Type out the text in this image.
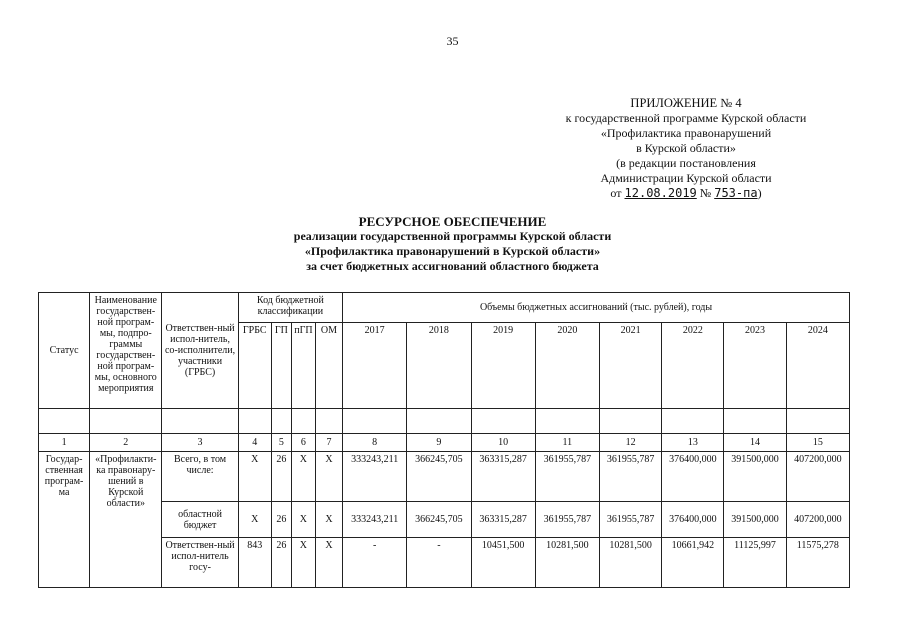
35
ПРИЛОЖЕНИЕ № 4
к государственной программе Курской области
«Профилактика правонарушений
в Курской области»
(в редакции постановления
Администрации Курской области
от 12.08.2019 № 753-па)
РЕСУРСНОЕ ОБЕСПЕЧЕНИЕ
реализации государственной программы Курской области
«Профилактика правонарушений в Курской области»
за счет бюджетных ассигнований областного бюджета
Статус	Наименование государствен-ной програм-мы, подпро-граммы государствен-ной програм-мы, основного мероприятия	Ответствен-ный испол-нитель, со-исполнители, участники (ГРБС)	Код бюджетной классификации				Объемы бюджетных ассигнований (тыс. рублей), годы							
			ГРБС	ГП	пГП	ОМ	2017	2018	2019	2020	2021	2022	2023	2024

1	2	3	4	5	6	7	8	9	10	11	12	13	14	15
Государ-ственная програм-ма	«Профилакти-ка правонару-шений в Курской области»	Всего, в том числе:	Х	26	Х	Х	333243,211	366245,705	363315,287	361955,787	361955,787	376400,000	391500,000	407200,000
		областной бюджет	Х	26	Х	Х	333243,211	366245,705	363315,287	361955,787	361955,787	376400,000	391500,000	407200,000
		Ответствен-ный испол-нитель госу-	843	26	Х	Х	-	-	10451,500	10281,500	10281,500	10661,942	11125,997	11575,278
